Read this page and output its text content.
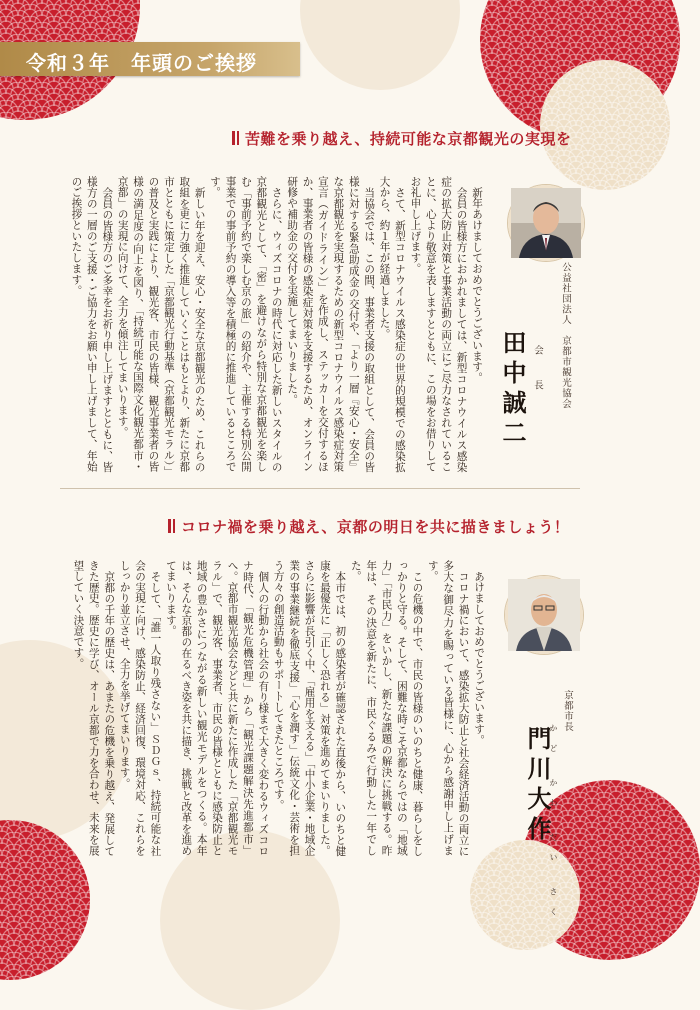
令和３年　年頭のご挨拶
苦難を乗り越え、持続可能な京都観光の実現を
公益社団法人　京都市観光協会
会　長
田中誠二

新年あけましておめでとうございます。

会員の皆様方におかれましては、新型コロナウイルス感染症の拡大防止対策と事業活動の両立にご尽力なされていることに、心より敬意を表しますとともに、この場をお借りしてお礼申し上げます。

さて、新型コロナウイルス感染症の世界的規模での感染拡大から、約１年が経過しました。

当協会では、この間、事業者支援の取組として、会員の皆様に対する緊急助成金の交付や、「より一層『安心・安全』な京都観光を実現するための新型コロナウイルス感染症対策宣言（ガイドライン）」を作成し、ステッカーを交付するほか、事業者の皆様の感染症対策を支援するため、オンライン研修や補助金の交付を実施してまいりました。

さらに、ウィズコロナの時代に対応した新しいスタイルの京都観光として、「密」を避けながら特別な京都観光を楽しむ「事前予約で楽しむ京の旅」の紹介や、主催する特別公開事業での事前予約の導入等を積極的に推進しているところです。

新しい年を迎え、安心・安全な京都観光のため、これらの取組を更に力強く推進していくことはもとより、新たに京都市とともに策定した「京都観光行動基準（京都観光モラル）」の普及と実践により、観光客、市民の皆様、観光事業者の皆様の満足度の向上を図り、「持続可能な国際文化観光都市・京都」の実現に向けて、全力を傾注してまいります。

会員の皆様方のご多幸をお祈り申し上げますとともに、皆様方の一層のご支援・ご協力をお願い申し上げまして、年始のご挨拶といたします。

コロナ禍を乗り越え、京都の明日を共に描きましょう！
京都市長
かど かわ だい さく
門川大作

あけましておめでとうございます。

コロナ禍において、感染拡大防止と社会経済活動の両立に多大な御尽力を賜っている皆様に、心から感謝申し上げます。

この危機の中で、市民の皆様のいのちと健康、暮らしをしっかりと守る。そして、困難な時こそ京都ならではの「地域力」「市民力」をいかし、新たな課題の解決に挑戦する。昨年は、その決意を新たに、市民ぐるみで行動した一年でした。

本市では、初の感染者が確認された直後から、いのちと健康を最優先に「正しく恐れる」対策を進めてまいりました。さらに影響が長引く中、「雇用を支える」「中小企業・地域企業の事業継続を徹底支援」「心を潤す」伝統文化・芸術を担う方々の創造活動もサポートしてきたところです。

個人の行動から社会の有り様まで大きく変わるウィズコロナ時代、「観光危機管理」から「観光課題解決先進都市」へ。京都市観光協会などと共に新たに作成した「京都観光モラル」で、観光客、事業者、市民の皆様とともに感染防止と地域の豊かさにつながる新しい観光モデルをつくる。本年は、そんな京都の在るべき姿を共に描き、挑戦と改革を進めてまいります。

そして、「誰一人取り残さない」ＳＤＧｓ、持続可能な社会の実現に向け、感染防止、経済回復、環境対応、これらをしっかり並立させ、全力を挙げてまいります。

京都の千年の歴史は、あまたの危機を乗り越え、発展してきた歴史。歴史に学び、オール京都で力を合わせ、未来を展望していく決意です。
